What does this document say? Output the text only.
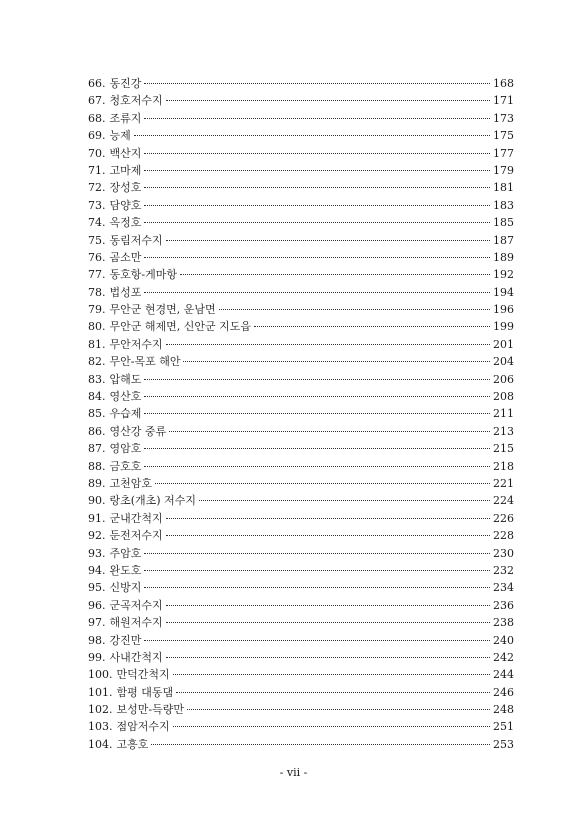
66. 동진강	168
67. 청호저수지	171
68. 조류지	173
69. 능제	175
70. 백산지	177
71. 고마제	179
72. 장성호	181
73. 담양호	183
74. 옥정호	185
75. 동림저수지	187
76. 곰소만	189
77. 동호항-게마항	192
78. 법성포	194
79. 무안군 현경면, 운남면	196
80. 무안군 해제면, 신안군 지도읍	199
81. 무안저수지	201
82. 무안-목포 해안	204
83. 압해도	206
84. 영산호	208
85. 우습제	211
86. 영산강 중류	213
87. 영암호	215
88. 금호호	218
89. 고천암호	221
90. 랑초(개초) 저수지	224
91. 군내간척지	226
92. 둔전저수지	228
93. 주암호	230
94. 완도호	232
95. 신방지	234
96. 군곡저수지	236
97. 해원저수지	238
98. 강진만	240
99. 사내간척지	242
100. 만덕간척지	244
101. 함평 대동댐	246
102. 보성만-득량만	248
103. 점암저수지	251
104. 고흥호	253
- vii -
